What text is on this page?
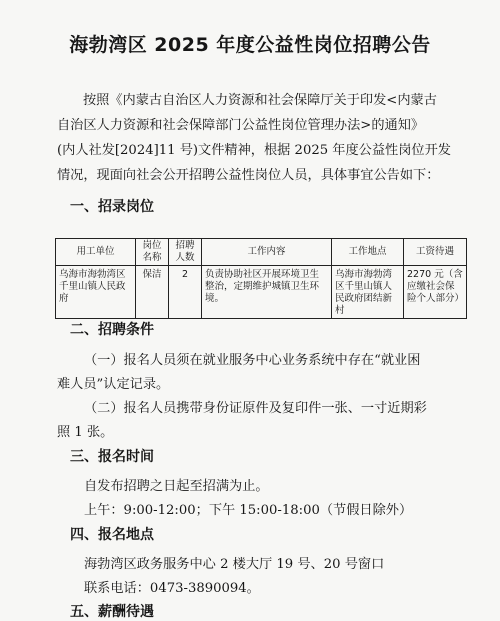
海勃湾区 2025 年度公益性岗位招聘公告

按照《内蒙古自治区人力资源和社会保障厅关于印发<内蒙古
自治区人力资源和社会保障部门公益性岗位管理办法>的通知》
(内人社发[2024]11 号)文件精神，根据 2025 年度公益性岗位开发
情况，现面向社会公开招聘公益性岗位人员，具体事宜公告如下：

一、招录岗位
用工单位	岗位名称	招聘人数	工作内容	工作地点	工资待遇
乌海市海勃湾区千里山镇人民政府	保洁	2	负责协助社区开展环境卫生整治，定期维护城镇卫生环境。	乌海市海勃湾区千里山镇人民政府团结新村	2270 元（含应缴社会保险个人部分）
二、招聘条件
（一）报名人员须在就业服务中心业务系统中存在“就业困
难人员”认定记录。
（二）报名人员携带身份证原件及复印件一张、一寸近期彩
照 1 张。
三、报名时间
自发布招聘之日起至招满为止。
上午：9:00-12:00；下午 15:00-18:00（节假日除外）
四、报名地点
海勃湾区政务服务中心 2 楼大厅 19 号、20 号窗口
联系电话：0473-3890094。
五、薪酬待遇
